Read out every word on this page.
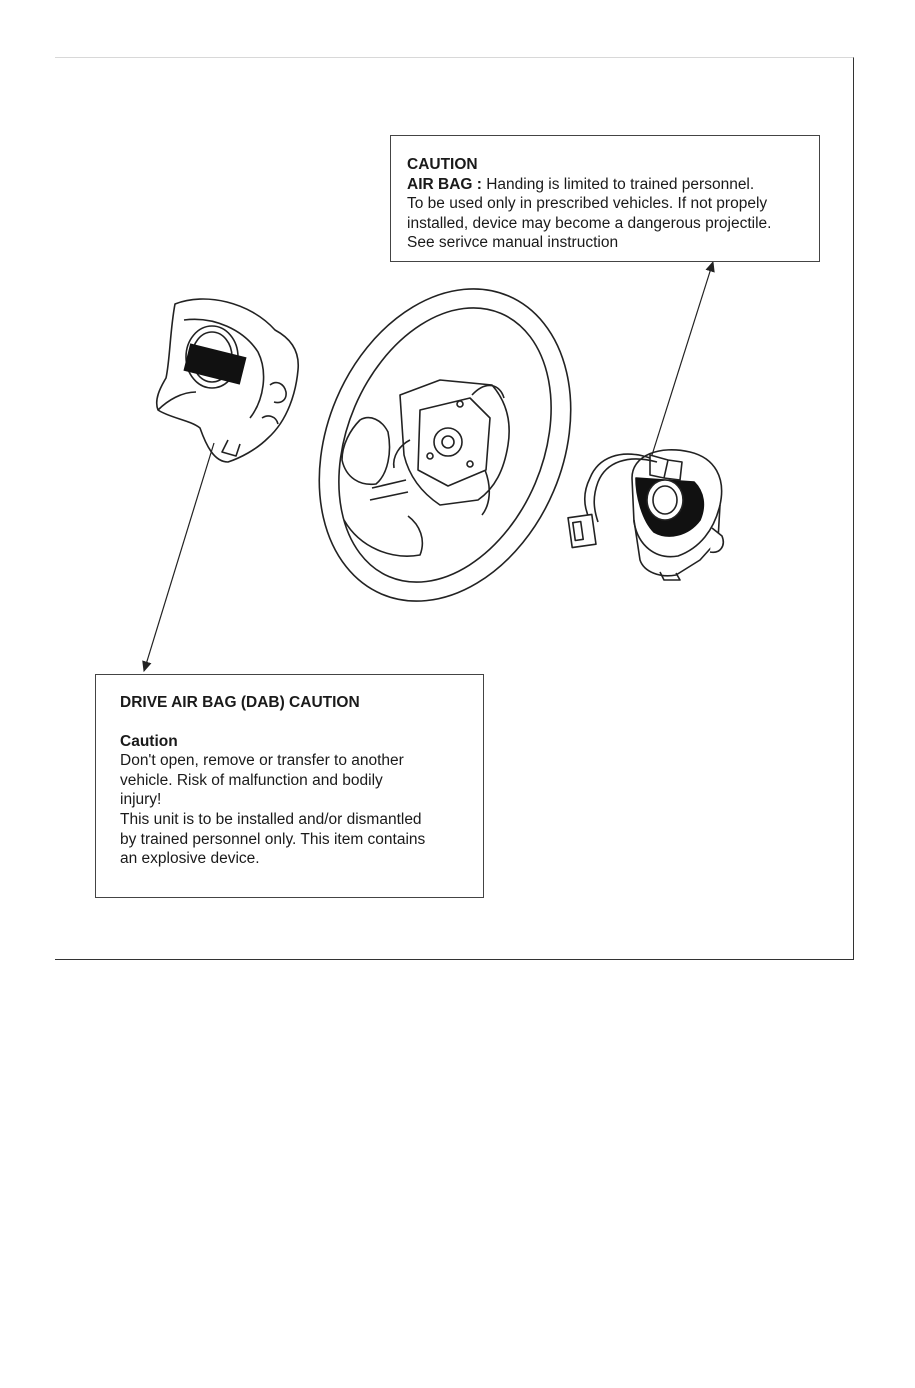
CAUTION
AIR BAG : Handing is limited to trained personnel.
To be used only in prescribed vehicles. If not propely
installed, device may become a dangerous projectile.
See serivce manual instruction
DRIVE AIR BAG (DAB) CAUTION
Caution
Don't open, remove or transfer to another
vehicle. Risk of malfunction and bodily
injury!
This unit is to be installed and/or dismantled
by trained personnel only. This item contains
an explosive device.
